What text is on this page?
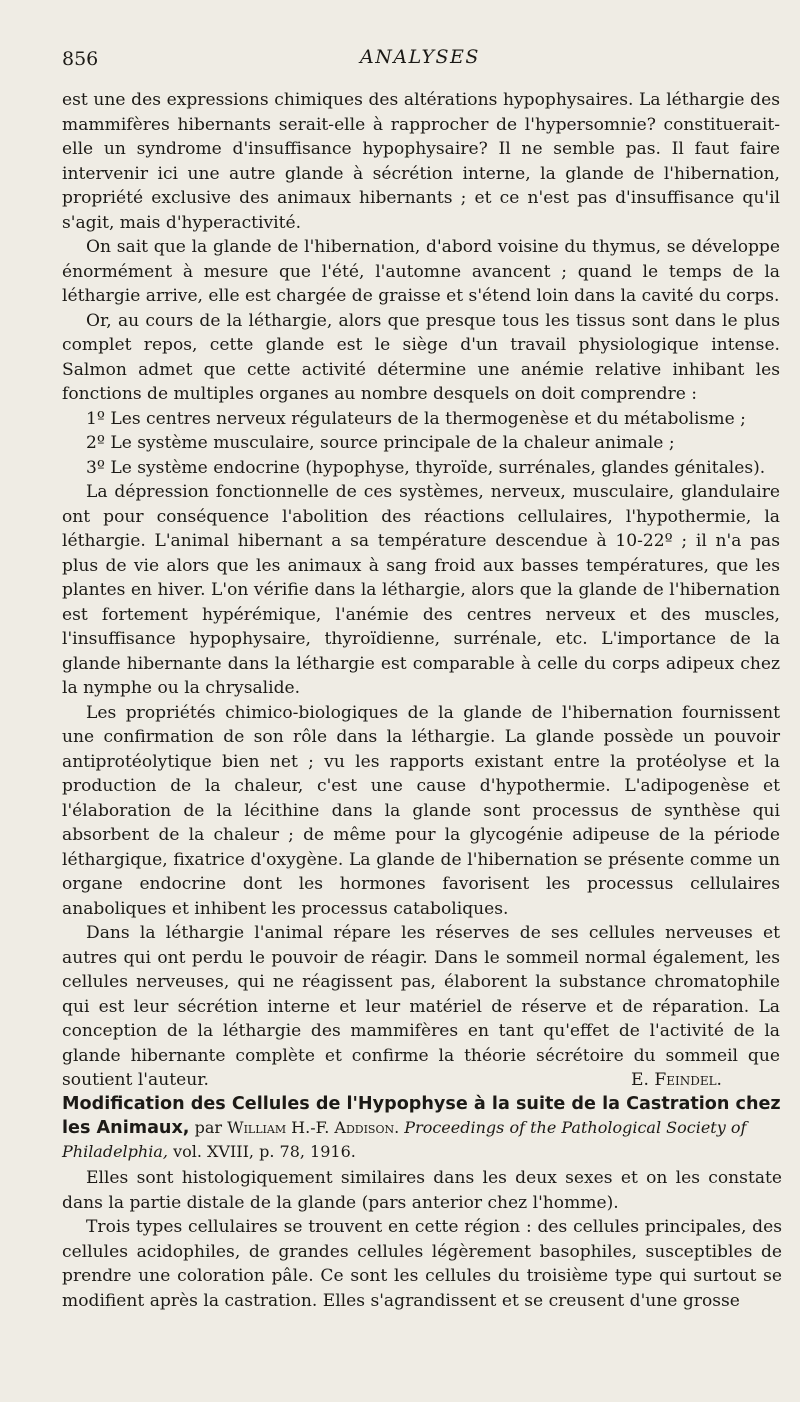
856	ANALYSES

est une des expressions chimiques des altérations hypophysaires. La léthargie des mammifères hibernants serait-elle à rapprocher de l'hypersomnie? constituerait-elle un syndrome d'insuffisance hypophysaire? Il ne semble pas. Il faut faire intervenir ici une autre glande à sécrétion interne, la glande de l'hibernation, propriété exclusive des animaux hibernants ; et ce n'est pas d'insuffisance qu'il s'agit, mais d'hyperactivité.

On sait que la glande de l'hibernation, d'abord voisine du thymus, se développe énormément à mesure que l'été, l'automne avancent ; quand le temps de la léthargie arrive, elle est chargée de graisse et s'étend loin dans la cavité du corps.

Or, au cours de la léthargie, alors que presque tous les tissus sont dans le plus complet repos, cette glande est le siège d'un travail physiologique intense. Salmon admet que cette activité détermine une anémie relative inhibant les fonctions de multiples organes au nombre desquels on doit comprendre :

1º Les centres nerveux régulateurs de la thermogenèse et du métabolisme ;

2º Le système musculaire, source principale de la chaleur animale ;

3º Le système endocrine (hypophyse, thyroïde, surrénales, glandes génitales).

La dépression fonctionnelle de ces systèmes, nerveux, musculaire, glandulaire ont pour conséquence l'abolition des réactions cellulaires, l'hypothermie, la léthargie. L'animal hibernant a sa température descendue à 10-22º ; il n'a pas plus de vie alors que les animaux à sang froid aux basses températures, que les plantes en hiver. L'on vérifie dans la léthargie, alors que la glande de l'hibernation est fortement hypérémique, l'anémie des centres nerveux et des muscles, l'insuffisance hypophysaire, thyroïdienne, surrénale, etc. L'importance de la glande hibernante dans la léthargie est comparable à celle du corps adipeux chez la nymphe ou la chrysalide.

Les propriétés chimico-biologiques de la glande de l'hibernation fournissent une confirmation de son rôle dans la léthargie. La glande possède un pouvoir antiprotéolytique bien net ; vu les rapports existant entre la protéolyse et la production de la chaleur, c'est une cause d'hypothermie. L'adipogenèse et l'élaboration de la lécithine dans la glande sont processus de synthèse qui absorbent de la chaleur ; de même pour la glycogénie adipeuse de la période léthargique, fixatrice d'oxygène. La glande de l'hibernation se présente comme un organe endocrine dont les hormones favorisent les processus cellulaires anaboliques et inhibent les processus cataboliques.

Dans la léthargie l'animal répare les réserves de ses cellules nerveuses et autres qui ont perdu le pouvoir de réagir. Dans le sommeil normal également, les cellules nerveuses, qui ne réagissent pas, élaborent la substance chromatophile qui est leur sécrétion interne et leur matériel de réserve et de réparation. La conception de la léthargie des mammifères en tant qu'effet de l'activité de la glande hibernante complète et confirme la théorie sécrétoire du sommeil que soutient l'auteur.	E. Feindel.
Modification des Cellules de l'Hypophyse à la suite de la Castration chez les Animaux, par William H.-F. Addison. Proceedings of the Pathological Society of Philadelphia, vol. XVIII, p. 78, 1916.

Elles sont histologiquement similaires dans les deux sexes et on les constate dans la partie distale de la glande (pars anterior chez l'homme).

Trois types cellulaires se trouvent en cette région : des cellules principales, des cellules acidophiles, de grandes cellules légèrement basophiles, susceptibles de prendre une coloration pâle. Ce sont les cellules du troisième type qui surtout se modifient après la castration. Elles s'agrandissent et se creusent d'une grosse
